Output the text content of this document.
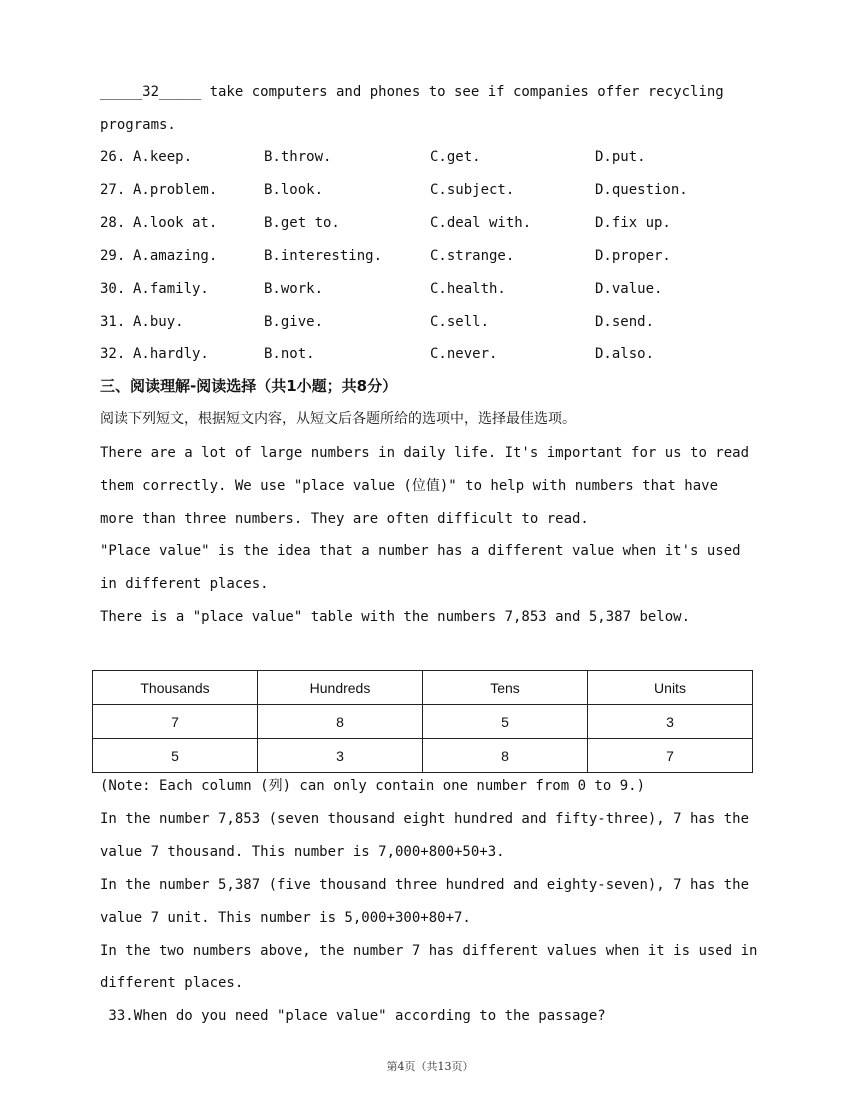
_____32_____ take computers and phones to see if companies offer recycling
programs.
26. A.keep.	B.throw.	C.get.	D.put.
27. A.problem.	B.look.	C.subject.	D.question.
28. A.look at.	B.get to.	C.deal with.	D.fix up.
29. A.amazing.	B.interesting.	C.strange.	D.proper.
30. A.family.	B.work.	C.health.	D.value.
31. A.buy.	B.give.	C.sell.	D.send.
32. A.hardly.	B.not.	C.never.	D.also.
三、阅读理解-阅读选择（共1小题；共8分）
阅读下列短文，根据短文内容，从短文后各题所给的选项中，选择最佳选项。
There are a lot of large numbers in daily life. It's important for us to read
them correctly. We use "place value (位值)" to help with numbers that have
more than three numbers. They are often difficult to read.
"Place value" is the idea that a number has a different value when it's used
in different places.
There is a "place value" table with the numbers 7,853 and 5,387 below.
Thousands	Hundreds	Tens	Units
7	8	5	3
5	3	8	7
(Note: Each column (列) can only contain one number from 0 to 9.)
In the number 7,853 (seven thousand eight hundred and fifty-three), 7 has the
value 7 thousand. This number is 7,000+800+50+3.
In the number 5,387 (five thousand three hundred and eighty-seven), 7 has the
value 7 unit. This number is 5,000+300+80+7.
In the two numbers above, the number 7 has different values when it is used in
different places.
33.When do you need "place value" according to the passage?
第4页（共13页）
